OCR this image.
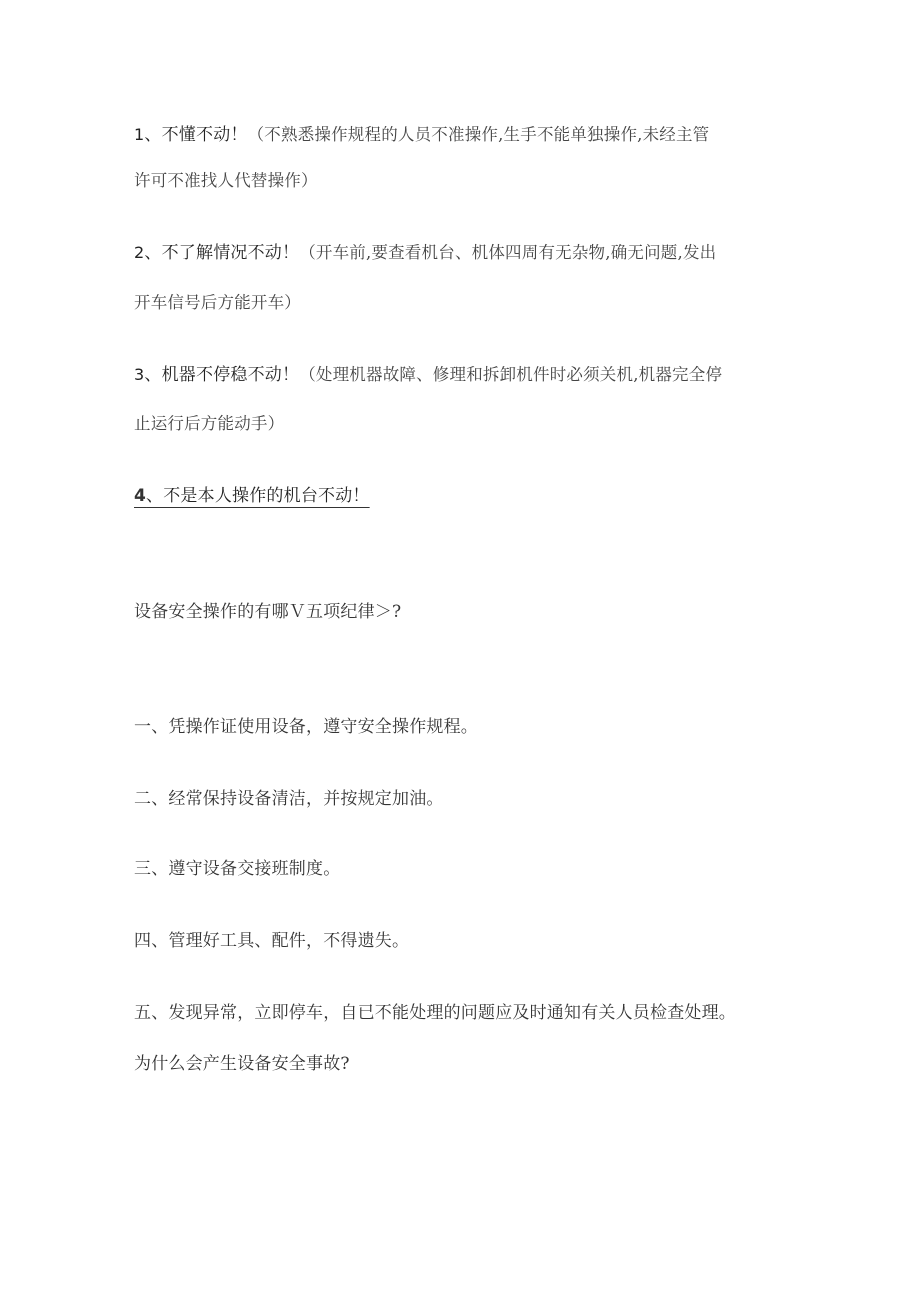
1、不懂不动！（不熟悉操作规程的人员不准操作,生手不能单独操作,未经主管
许可不准找人代替操作）
2、不了解情况不动！（开车前,要查看机台、机体四周有无杂物,确无问题,发出
开车信号后方能开车）
3、机器不停稳不动！（处理机器故障、修理和拆卸机件时必须关机,机器完全停
止运行后方能动手）
4、不是本人操作的机台不动！
设备安全操作的有哪Ｖ五项纪律＞?
一、凭操作证使用设备，遵守安全操作规程。
二、经常保持设备清洁，并按规定加油。
三、遵守设备交接班制度。
四、管理好工具、配件，不得遗失。
五、发现异常，立即停车，自已不能处理的问题应及时通知有关人员检查处理。
为什么会产生设备安全事故?
